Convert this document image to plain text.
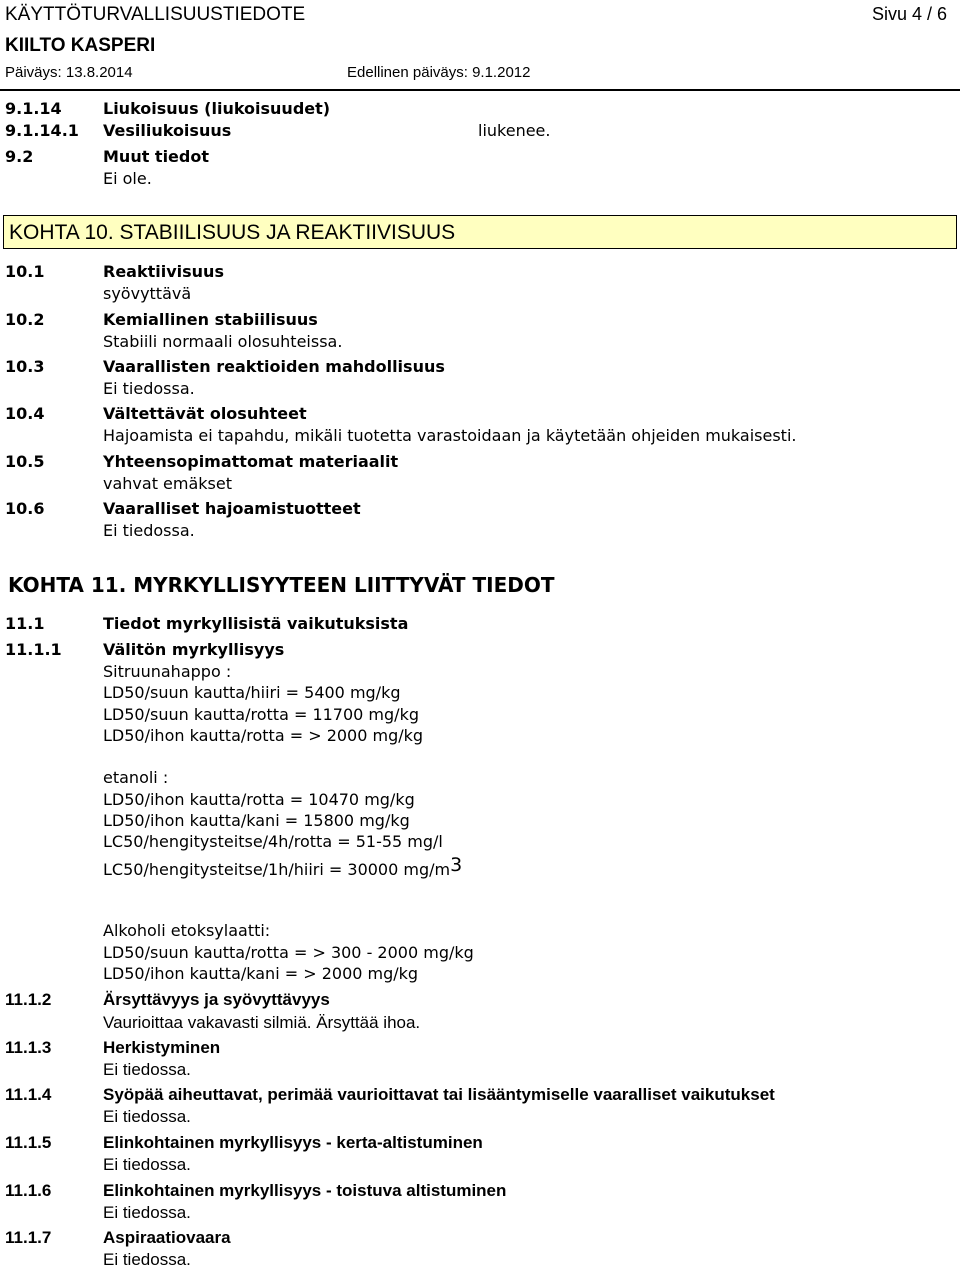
KÄYTTÖTURVALLISUUSTIEDOTE	Sivu 4 / 6
KIILTO KASPERI
Päiväys: 13.8.2014	Edellinen päiväys: 9.1.2012
9.1.14	Liukoisuus (liukoisuudet)
9.1.14.1 Vesiliukoisuus	liukenee.
9.2	Muut tiedot
Ei ole.
KOHTA 10. STABIILISUUS JA REAKTIIVISUUS
10.1	Reaktiivisuus
syövyttävä
10.2	Kemiallinen stabiilisuus
Stabiili normaali olosuhteissa.
10.3	Vaarallisten reaktioiden mahdollisuus
Ei tiedossa.
10.4	Vältettävät olosuhteet
Hajoamista ei tapahdu, mikäli tuotetta varastoidaan ja käytetään ohjeiden mukaisesti.
10.5	Yhteensopimattomat materiaalit
vahvat emäkset
10.6	Vaaralliset hajoamistuotteet
Ei tiedossa.
KOHTA 11. MYRKYLLISYYTEEN LIITTYVÄT TIEDOT
11.1	Tiedot myrkyllisistä vaikutuksista
11.1.1	Välitön myrkyllisyys
Sitruunahappo :
LD50/suun kautta/hiiri = 5400 mg/kg
LD50/suun kautta/rotta = 11700 mg/kg
LD50/ihon kautta/rotta = > 2000 mg/kg
etanoli :
LD50/ihon kautta/rotta = 10470 mg/kg
LD50/ihon kautta/kani = 15800 mg/kg
LC50/hengitysteitse/4h/rotta = 51-55 mg/l
LC50/hengitysteitse/1h/hiiri = 30000 $mg/m^3$
Alkoholi etoksylaatti:
LD50/suun kautta/rotta = > 300 - 2000 mg/kg
LD50/ihon kautta/kani = > 2000 mg/kg
11.1.2	Ärsyttävyys ja syövyttävyys
Vaurioittaa vakavasti silmiä. Ärsyttää ihoa.
11.1.3	Herkistyminen
Ei tiedossa.
11.1.4	Syöpää aiheuttavat, perimää vaurioittavat tai lisääntymiselle vaaralliset vaikutukset
Ei tiedossa.
11.1.5	Elinkohtainen myrkyllisyys - kerta-altistuminen
Ei tiedossa.
11.1.6	Elinkohtainen myrkyllisyys - toistuva altistuminen
Ei tiedossa.
11.1.7	Aspiraatiovaara
Ei tiedossa.
